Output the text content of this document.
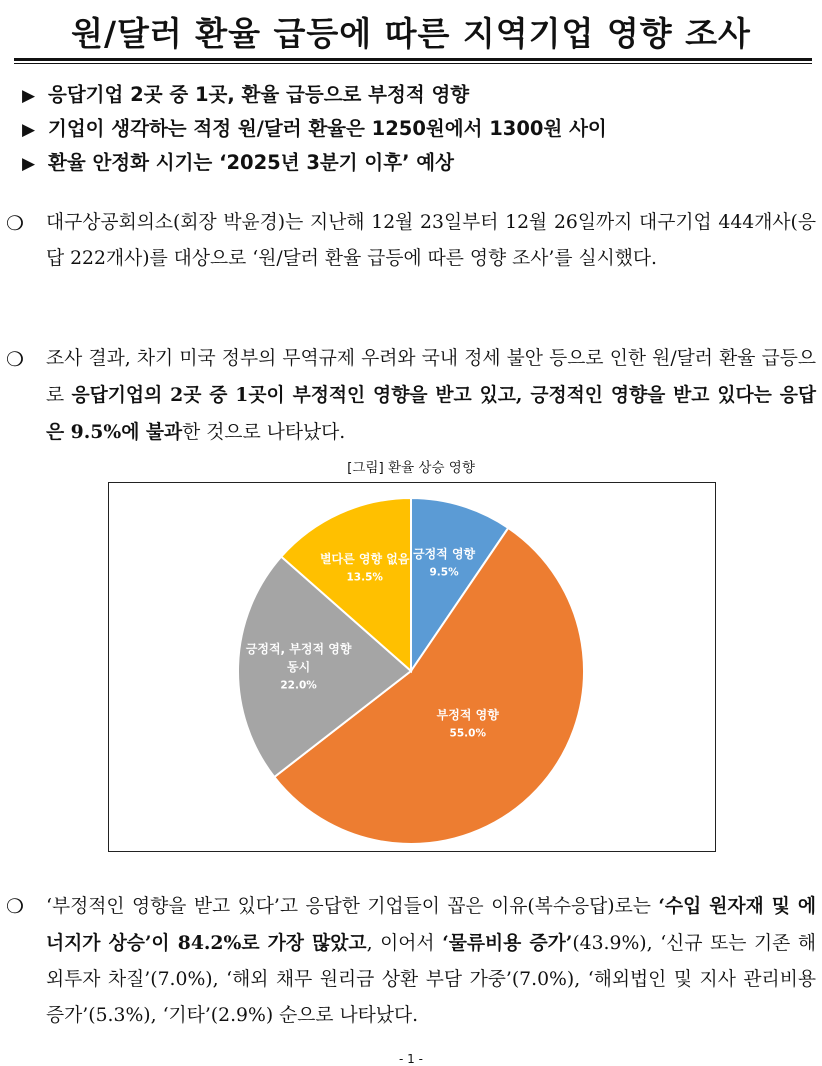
원/달러 환율 급등에 따른 지역기업 영향 조사
▶ 응답기업 2곳 중 1곳, 환율 급등으로 부정적 영향
▶ 기업이 생각하는 적정 원/달러 환율은 1250원에서 1300원 사이
▶ 환율 안정화 시기는 ‘2025년 3분기 이후’ 예상
❍	대구상공회의소(회장 박윤경)는 지난해 12월 23일부터 12월 26일까지 대구기업 444개사(응답 222개사)를 대상으로 ‘원/달러 환율 급등에 따른 영향 조사’를 실시했다.
❍	조사 결과, 차기 미국 정부의 무역규제 우려와 국내 정세 불안 등으로 인한 원/달러 환율 급등으로 응답기업의 2곳 중 1곳이 부정적인 영향을 받고 있고, 긍정적인 영향을 받고 있다는 응답은 9.5%에 불과한 것으로 나타났다.
[그림] 환율 상승 영향
긍정적 영향
9.5%
부정적 영향
55.0%
긍정적, 부정적 영향
동시
22.0%
별다른 영향 없음
13.5%
❍	‘부정적인 영향을 받고 있다’고 응답한 기업들이 꼽은 이유(복수응답)로는 ‘수입 원자재 및 에너지가 상승’이 84.2%로 가장 많았고, 이어서 ‘물류비용 증가’(43.9%), ‘신규 또는 기존 해외투자 차질’(7.0%), ‘해외 채무 원리금 상환 부담 가중’(7.0%), ‘해외법인 및 지사 관리비용 증가’(5.3%), ‘기타’(2.9%) 순으로 나타났다.
- 1 -
